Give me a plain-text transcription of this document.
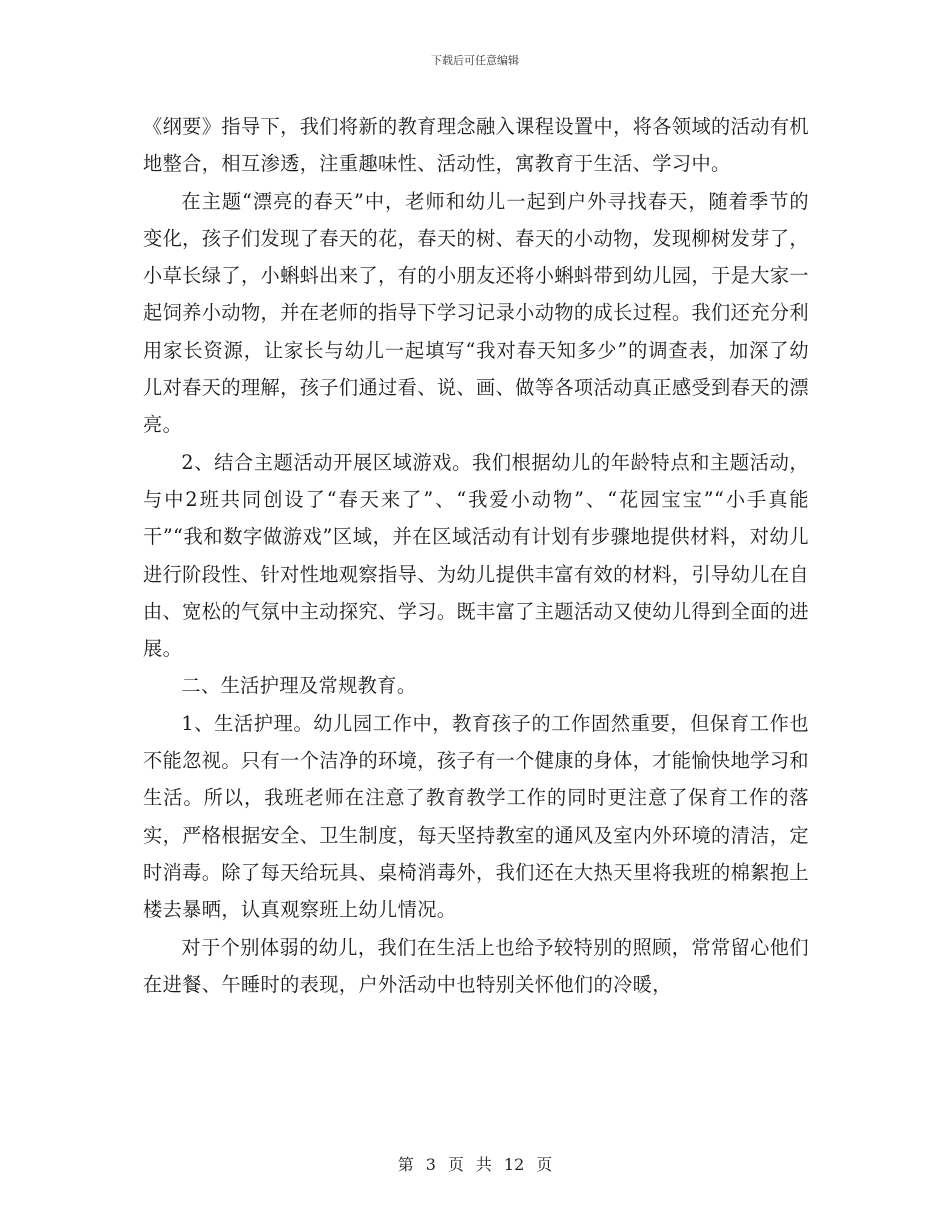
下载后可任意编辑

《纲要》指导下，我们将新的教育理念融入课程设置中，将各领域的活动有机地整合，相互渗透，注重趣味性、活动性，寓教育于生活、学习中。

在主题“漂亮的春天”中，老师和幼儿一起到户外寻找春天，随着季节的变化，孩子们发现了春天的花，春天的树、春天的小动物，发现柳树发芽了，小草长绿了，小蝌蚪出来了，有的小朋友还将小蝌蚪带到幼儿园，于是大家一起饲养小动物，并在老师的指导下学习记录小动物的成长过程。我们还充分利用家长资源，让家长与幼儿一起填写“我对春天知多少”的调查表，加深了幼儿对春天的理解，孩子们通过看、说、画、做等各项活动真正感受到春天的漂亮。

2、结合主题活动开展区域游戏。我们根据幼儿的年龄特点和主题活动，与中2班共同创设了“春天来了”、“我爱小动物”、“花园宝宝”“小手真能干”“我和数字做游戏”区域，并在区域活动有计划有步骤地提供材料，对幼儿进行阶段性、针对性地观察指导、为幼儿提供丰富有效的材料，引导幼儿在自由、宽松的气氛中主动探究、学习。既丰富了主题活动又使幼儿得到全面的进展。

二、生活护理及常规教育。

1、生活护理。幼儿园工作中，教育孩子的工作固然重要，但保育工作也不能忽视。只有一个洁净的环境，孩子有一个健康的身体，才能愉快地学习和生活。所以，我班老师在注意了教育教学工作的同时更注意了保育工作的落实，严格根据安全、卫生制度，每天坚持教室的通风及室内外环境的清洁，定时消毒。除了每天给玩具、桌椅消毒外，我们还在大热天里将我班的棉絮抱上楼去暴晒，认真观察班上幼儿情况。

对于个别体弱的幼儿，我们在生活上也给予较特别的照顾，常常留心他们在进餐、午睡时的表现，户外活动中也特别关怀他们的冷暖，

第 3 页 共 12 页
